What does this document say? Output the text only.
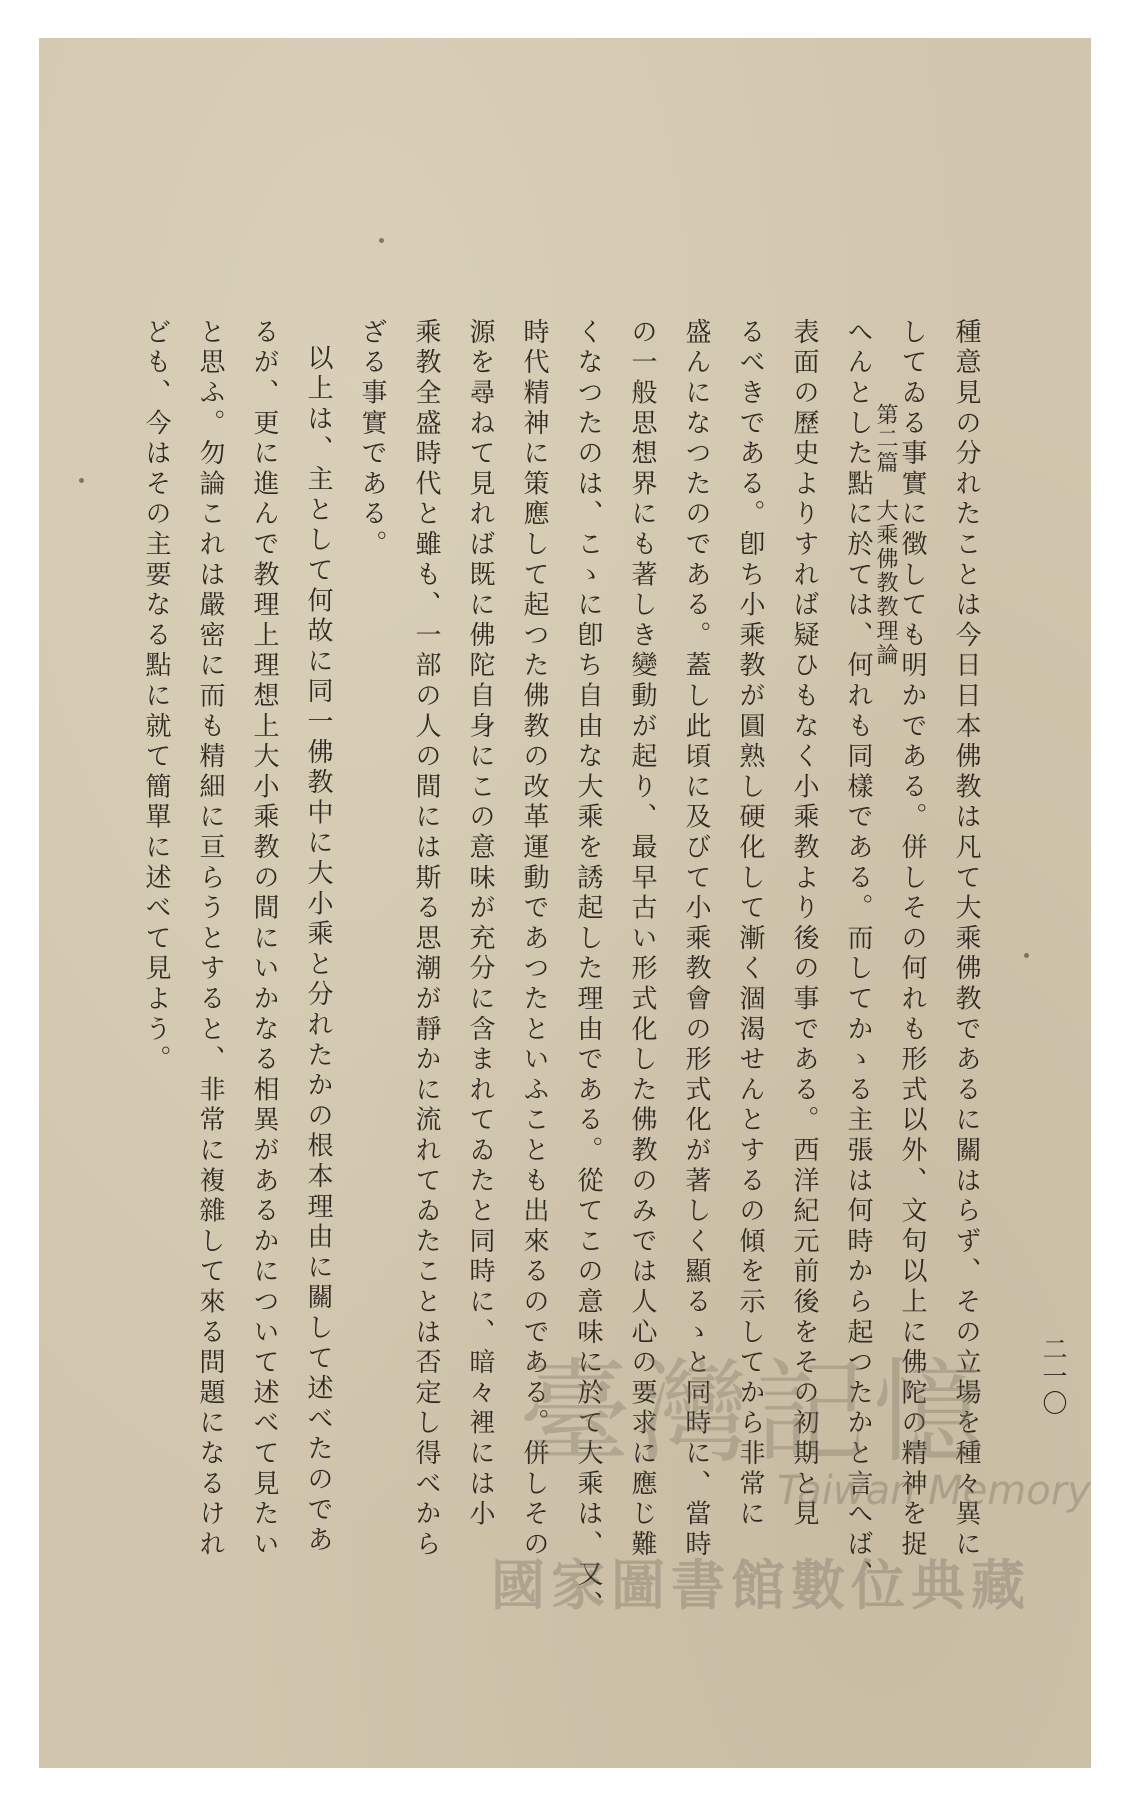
第二篇　大乘佛教教理論
二一〇
種意見の分れたことは今日日本佛教は凡て大乘佛教であるに關はらず、その立場を種々異に
してゐる事實に徴しても明かである。併しその何れも形式以外、文句以上に佛陀の精神を捉
へんとした點に於ては、何れも同樣である。而してかゝる主張は何時から起つたかと言へば、
表面の歷史よりすれば疑ひもなく小乘教より後の事である。西洋紀元前後をその初期と見
るべきである。卽ち小乘教が圓熟し硬化して漸く涸渴せんとするの傾を示してから非常に
盛んになつたのである。蓋し此頃に及びて小乘教會の形式化が著しく顯るゝと同時に、當時
の一般思想界にも著しき變動が起り、最早古い形式化した佛教のみでは人心の要求に應じ難
くなつたのは、こゝに卽ち自由な大乘を誘起した理由である。從てこの意味に於て大乘は、又、
時代精神に策應して起つた佛教の改革運動であつたといふことも出來るのである。併しその
源を尋ねて見れば既に佛陀自身にこの意味が充分に含まれてゐたと同時に、暗々裡には小
乘教全盛時代と雖も、一部の人の間には斯る思潮が靜かに流れてゐたことは否定し得べから
ざる事實である。
以上は、主として何故に同一佛教中に大小乘と分れたかの根本理由に關して述べたのであ
るが、更に進んで教理上理想上大小乘教の間にいかなる相異があるかについて述べて見たい
と思ふ。勿論これは嚴密に而も精細に亘らうとすると、非常に複雜して來る問題になるけれ
ども、今はその主要なる點に就て簡單に述べて見よう。
臺灣記憶
Taiwan Memory
國家圖書館數位典藏
